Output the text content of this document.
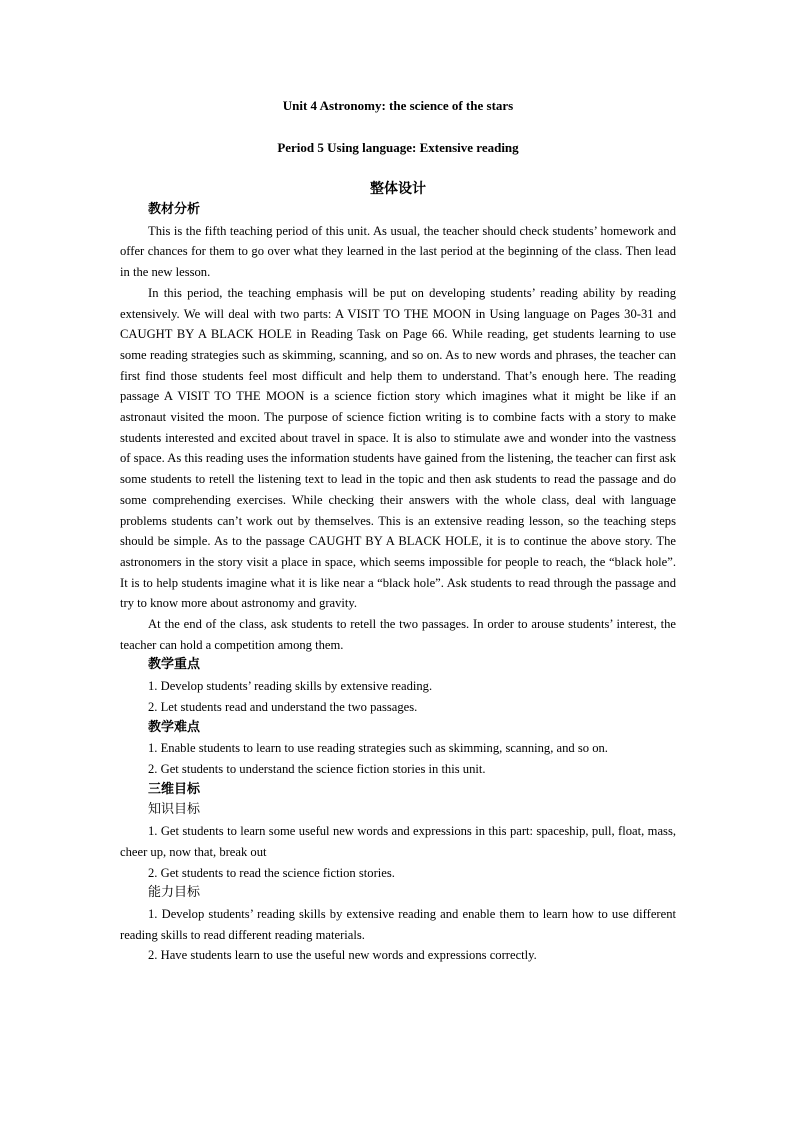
Unit 4 Astronomy: the science of the stars
Period 5 Using language: Extensive reading
整体设计
教材分析

This is the fifth teaching period of this unit. As usual, the teacher should check students’ homework and offer chances for them to go over what they learned in the last period at the beginning of the class. Then lead in the new lesson.

In this period, the teaching emphasis will be put on developing students’ reading ability by reading extensively. We will deal with two parts: A VISIT TO THE MOON in Using language on Pages 30-31 and CAUGHT BY A BLACK HOLE in Reading Task on Page 66. While reading, get students learning to use some reading strategies such as skimming, scanning, and so on. As to new words and phrases, the teacher can first find those students feel most difficult and help them to understand. That’s enough here. The reading passage A VISIT TO THE MOON is a science fiction story which imagines what it might be like if an astronaut visited the moon. The purpose of science fiction writing is to combine facts with a story to make students interested and excited about travel in space. It is also to stimulate awe and wonder into the vastness of space. As this reading uses the information students have gained from the listening, the teacher can first ask some students to retell the listening text to lead in the topic and then ask students to read the passage and do some comprehending exercises. While checking their answers with the whole class, deal with language problems students can’t work out by themselves. This is an extensive reading lesson, so the teaching steps should be simple. As to the passage CAUGHT BY A BLACK HOLE, it is to continue the above story. The astronomers in the story visit a place in space, which seems impossible for people to reach, the “black hole”. It is to help students imagine what it is like near a “black hole”. Ask students to read through the passage and try to know more about astronomy and gravity.

At the end of the class, ask students to retell the two passages. In order to arouse students’ interest, the teacher can hold a competition among them.

教学重点

1. Develop students’ reading skills by extensive reading.

2. Let students read and understand the two passages.

教学难点

1. Enable students to learn to use reading strategies such as skimming, scanning, and so on.

2. Get students to understand the science fiction stories in this unit.

三维目标
知识目标

1. Get students to learn some useful new words and expressions in this part: spaceship, pull, float, mass, cheer up, now that, break out

2. Get students to read the science fiction stories.

能力目标

1. Develop students’ reading skills by extensive reading and enable them to learn how to use different reading skills to read different reading materials.

2. Have students learn to use the useful new words and expressions correctly.
